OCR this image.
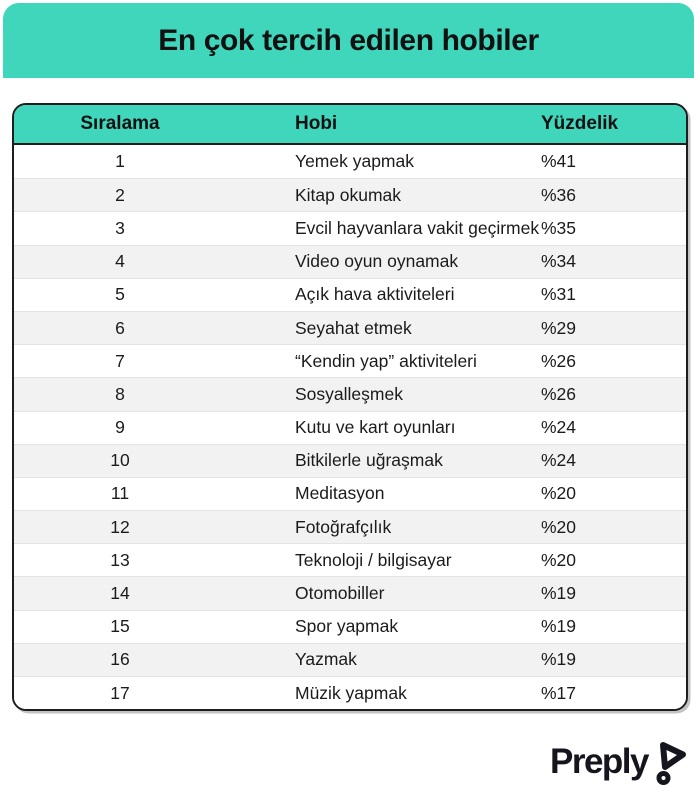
En çok tercih edilen hobiler
Sıralama	Hobi	Yüzdelik
1	Yemek yapmak	%41
2	Kitap okumak	%36
3	Evcil hayvanlara vakit geçirmek %35
4	Video oyun oynamak	%34
5	Açık hava aktiviteleri	%31
6	Seyahat etmek	%29
7	“Kendin yap” aktiviteleri	%26
8	Sosyalleşmek	%26
9	Kutu ve kart oyunları	%24
10	Bitkilerle uğraşmak	%24
11	Meditasyon	%20
12	Fotoğrafçılık	%20
13	Teknoloji / bilgisayar	%20
14	Otomobiller	%19
15	Spor yapmak	%19
16	Yazmak	%19
17	Müzik yapmak	%17
Preply
